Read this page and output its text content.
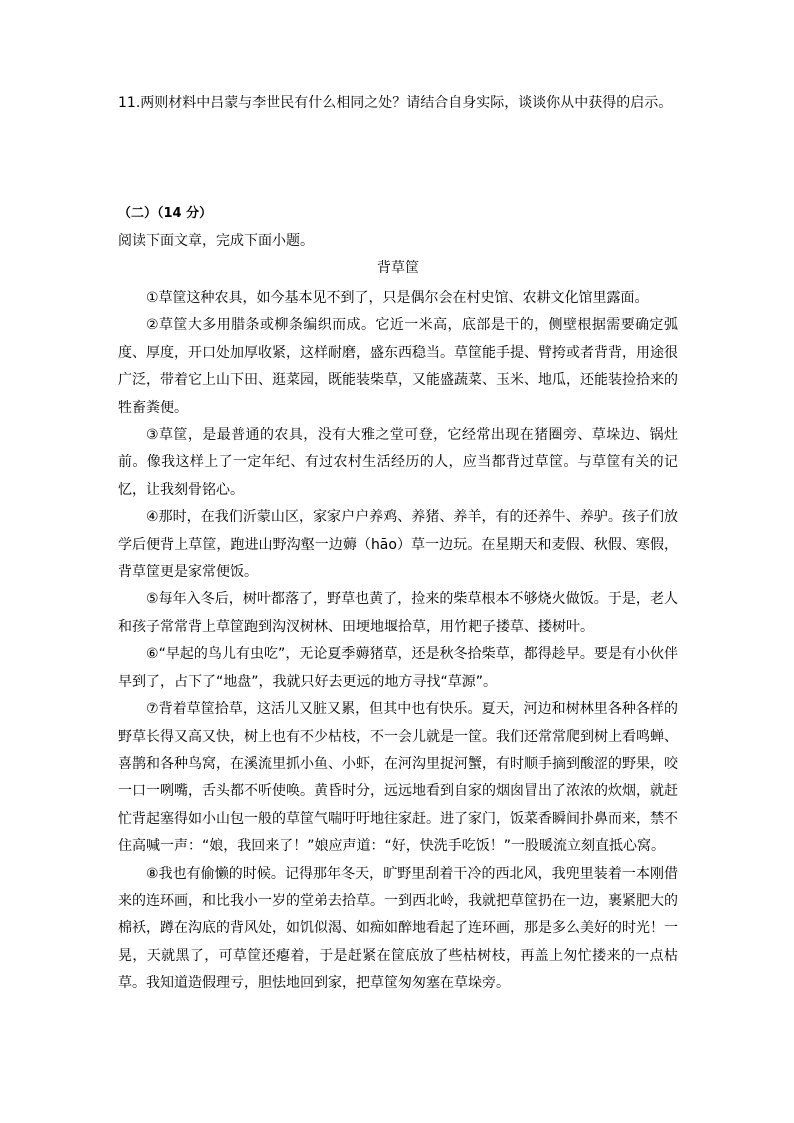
11.两则材料中吕蒙与李世民有什么相同之处？请结合自身实际，谈谈你从中获得的启示。
（二）（14 分）
阅读下面文章，完成下面小题。
背草筐

①草筐这种农具，如今基本见不到了，只是偶尔会在村史馆、农耕文化馆里露面。

②草筐大多用腊条或柳条编织而成。它近一米高，底部是干的，侧壁根据需要确定弧度、厚度，开口处加厚收紧，这样耐磨，盛东西稳当。草筐能手提、臂挎或者背背，用途很广泛，带着它上山下田、逛菜园，既能装柴草，又能盛蔬菜、玉米、地瓜，还能装捡拾来的牲畜粪便。

③草筐，是最普通的农具，没有大雅之堂可登，它经常出现在猪圈旁、草垛边、锅灶前。像我这样上了一定年纪、有过农村生活经历的人，应当都背过草筐。与草筐有关的记忆，让我刻骨铭心。

④那时，在我们沂蒙山区，家家户户养鸡、养猪、养羊，有的还养牛、养驴。孩子们放学后便背上草筐，跑进山野沟壑一边薅（hāo）草一边玩。在星期天和麦假、秋假、寒假，背草筐更是家常便饭。

⑤每年入冬后，树叶都落了，野草也黄了，捡来的柴草根本不够烧火做饭。于是，老人和孩子常常背上草筐跑到沟汊树林、田埂地堰拾草，用竹耙子搂草、搂树叶。

⑥“早起的鸟儿有虫吃”，无论夏季薅猪草，还是秋冬拾柴草，都得趁早。要是有小伙伴早到了，占下了“地盘”，我就只好去更远的地方寻找“草源”。

⑦背着草筐拾草，这活儿又脏又累，但其中也有快乐。夏天，河边和树林里各种各样的野草长得又高又快，树上也有不少枯枝，不一会儿就是一筐。我们还常常爬到树上看鸣蝉、喜鹊和各种鸟窝，在溪流里抓小鱼、小虾，在河沟里捉河蟹，有时顺手摘到酸涩的野果，咬一口一咧嘴，舌头都不听使唤。黄昏时分，远远地看到自家的烟囱冒出了浓浓的炊烟，就赶忙背起塞得如小山包一般的草筐气喘吁吁地往家赶。进了家门，饭菜香瞬间扑鼻而来，禁不住高喊一声：“娘，我回来了！”娘应声道：“好，快洗手吃饭！”一股暖流立刻直抵心窝。

⑧我也有偷懒的时候。记得那年冬天，旷野里刮着干冷的西北风，我兜里装着一本刚借来的连环画，和比我小一岁的堂弟去拾草。一到西北岭，我就把草筐扔在一边，裹紧肥大的棉袄，蹲在沟底的背风处，如饥似渴、如痴如醉地看起了连环画，那是多么美好的时光！一晃，天就黑了，可草筐还瘪着，于是赶紧在筐底放了些枯树枝，再盖上匆忙搂来的一点枯草。我知道造假理亏，胆怯地回到家，把草筐匆匆塞在草垛旁。
